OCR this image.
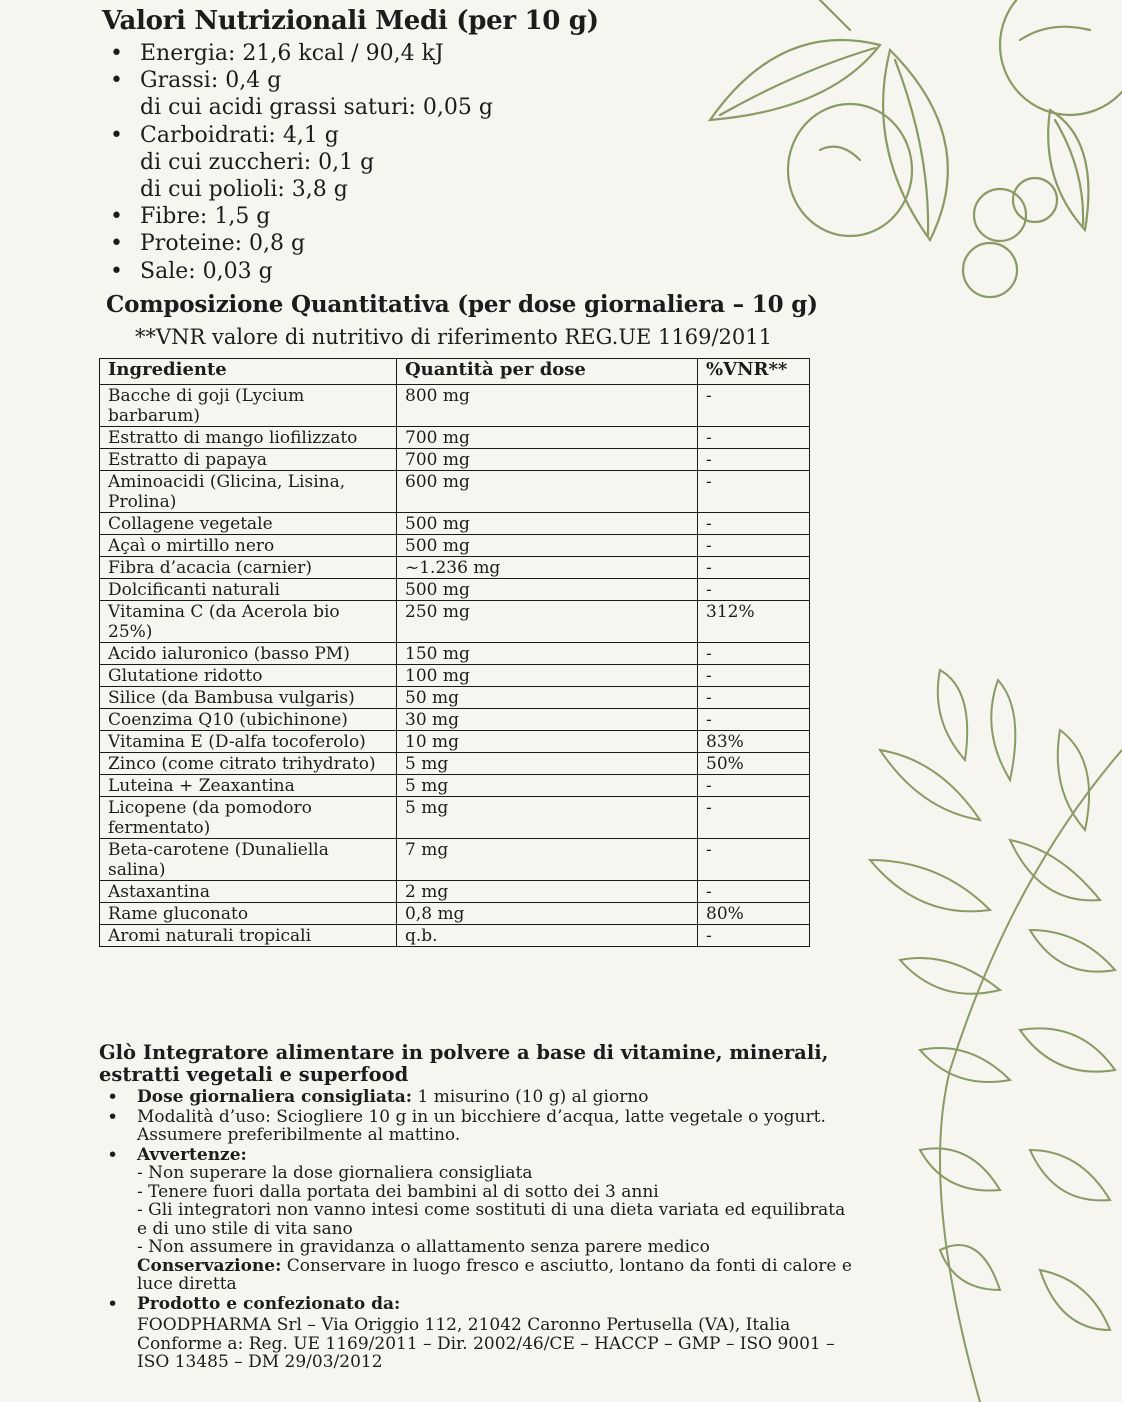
Valori Nutrizionali Medi (per 10 g)
• Energia: 21,6 kcal / 90,4 kJ
• Grassi: 0,4 g
di cui acidi grassi saturi: 0,05 g
• Carboidrati: 4,1 g
di cui zuccheri: 0,1 g
di cui polioli: 3,8 g
• Fibre: 1,5 g
• Proteine: 0,8 g
• Sale: 0,03 g
Composizione Quantitativa (per dose giornaliera – 10 g)

**VNR valore di nutritivo di riferimento REG.UE 1169/2011

Ingrediente	Quantità per dose	%VNR**
Bacche di goji (Lycium barbarum)	800 mg	-
Estratto di mango liofilizzato	700 mg	-
Estratto di papaya	700 mg	-
Aminoacidi (Glicina, Lisina, Prolina)	600 mg	-
Collagene vegetale	500 mg	-
Açaì o mirtillo nero	500 mg	-
Fibra d’acacia (carnier)	~1.236 mg	-
Dolcificanti naturali	500 mg	-
Vitamina C (da Acerola bio 25%)	250 mg	312%
Acido ialuronico (basso PM)	150 mg	-
Glutatione ridotto	100 mg	-
Silice (da Bambusa vulgaris)	50 mg	-
Coenzima Q10 (ubichinone)	30 mg	-
Vitamina E (D-alfa tocoferolo)	10 mg	83%
Zinco (come citrato trihydrato)	5 mg	50%
Luteina + Zeaxantina	5 mg	-
Licopene (da pomodoro fermentato)	5 mg	-
Beta-carotene (Dunaliella salina)	7 mg	-
Astaxantina	2 mg	-
Rame gluconato	0,8 mg	80%
Aromi naturali tropicali	q.b.	-

Glò Integratore alimentare in polvere a base di vitamine, minerali, estratti vegetali e superfood

• Dose giornaliera consigliata: 1 misurino (10 g) al giorno
• Modalità d’uso: Sciogliere 10 g in un bicchiere d’acqua, latte vegetale o yogurt. Assumere preferibilmente al mattino.
• Avvertenze:
- Non superare la dose giornaliera consigliata
- Tenere fuori dalla portata dei bambini al di sotto dei 3 anni
- Gli integratori non vanno intesi come sostituti di una dieta variata ed equilibrata e di uno stile di vita sano
- Non assumere in gravidanza o allattamento senza parere medico
Conservazione: Conservare in luogo fresco e asciutto, lontano da fonti di calore e luce diretta
• Prodotto e confezionato da:
FOODPHARMA Srl – Via Origgio 112, 21042 Caronno Pertusella (VA), Italia
Conforme a: Reg. UE 1169/2011 – Dir. 2002/46/CE – HACCP – GMP – ISO 9001 – ISO 13485 – DM 29/03/2012
